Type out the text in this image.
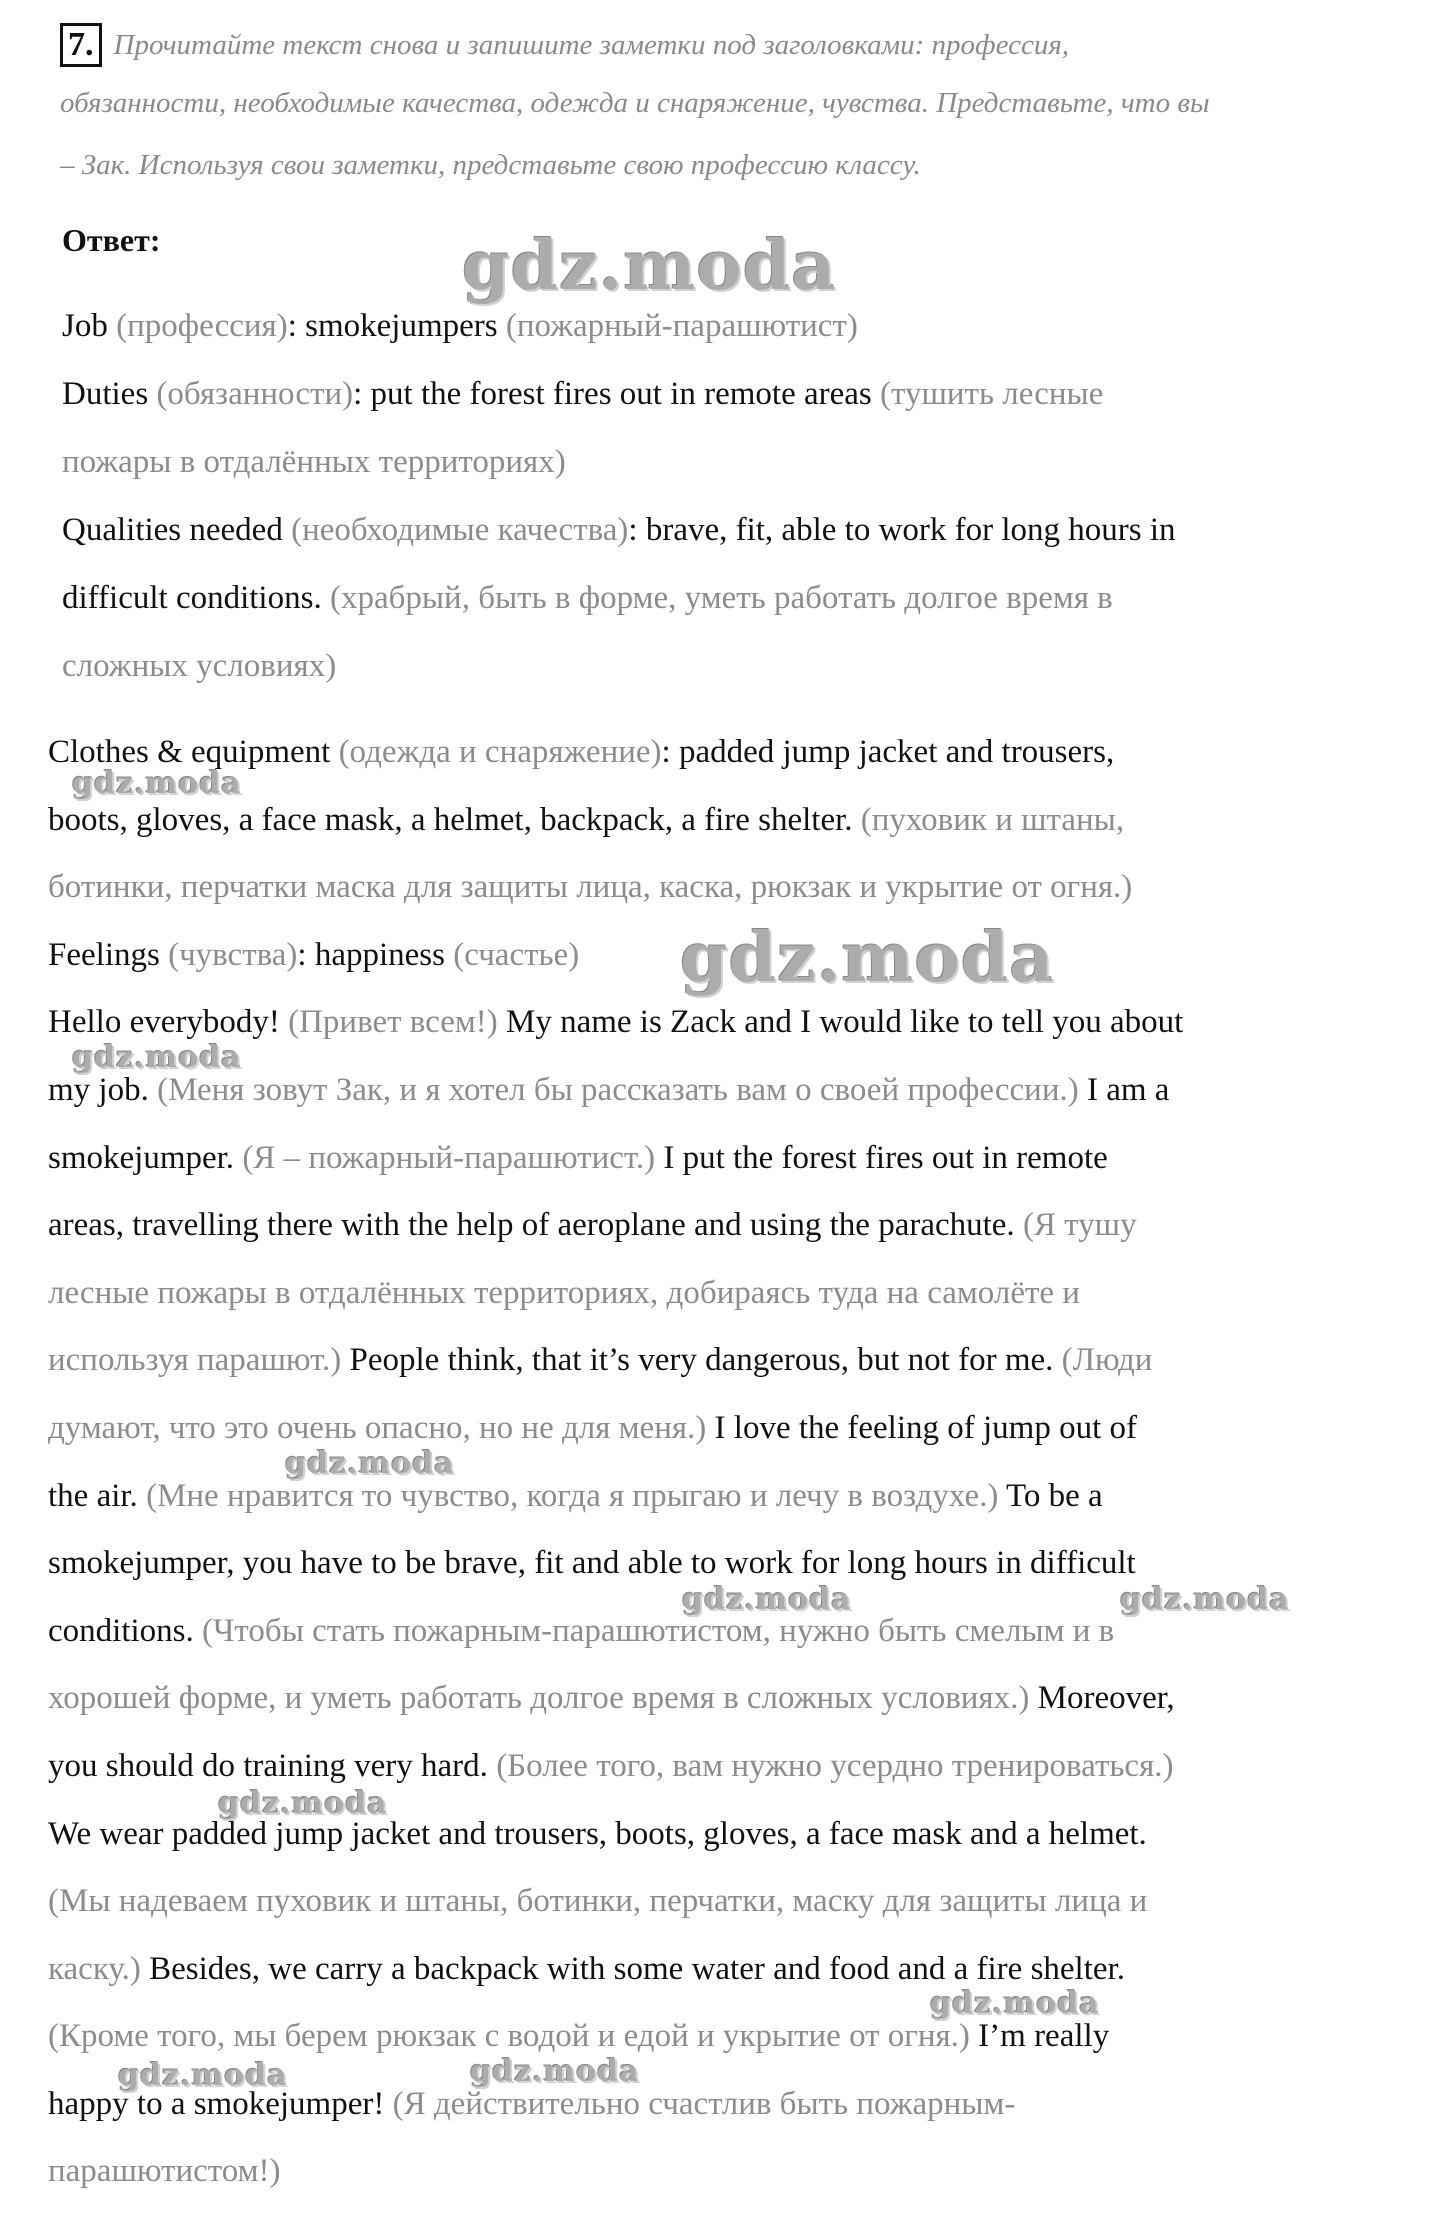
7. Прочитайте текст снова и запишите заметки под заголовками: профессия,
обязанности, необходимые качества, одежда и снаряжение, чувства. Представьте, что вы
– Зак. Используя свои заметки, представьте свою профессию классу.
Ответ:
Job (профессия): smokejumpers (пожарный-парашютист)
Duties (обязанности): put the forest fires out in remote areas (тушить лесные
пожары в отдалённых территориях)
Qualities needed (необходимые качества): brave, fit, able to work for long hours in
difficult conditions. (храбрый, быть в форме, уметь работать долгое время в
сложных условиях)
Clothes & equipment (одежда и снаряжение): padded jump jacket and trousers,
boots, gloves, a face mask, a helmet, backpack, a fire shelter. (пуховик и штаны,
ботинки, перчатки маска для защиты лица, каска, рюкзак и укрытие от огня.)
Feelings (чувства): happiness (счастье)
Hello everybody! (Привет всем!) My name is Zack and I would like to tell you about
my job. (Меня зовут Зак, и я хотел бы рассказать вам о своей профессии.) I am a
smokejumper. (Я – пожарный-парашютист.) I put the forest fires out in remote
areas, travelling there with the help of aeroplane and using the parachute. (Я тушу
лесные пожары в отдалённых территориях, добираясь туда на самолёте и
используя парашют.) People think, that it’s very dangerous, but not for me. (Люди
думают, что это очень опасно, но не для меня.) I love the feeling of jump out of
the air. (Мне нравится то чувство, когда я прыгаю и лечу в воздухе.) To be a
smokejumper, you have to be brave, fit and able to work for long hours in difficult
conditions. (Чтобы стать пожарным-парашютистом, нужно быть смелым и в
хорошей форме, и уметь работать долгое время в сложных условиях.) Moreover,
you should do training very hard. (Более того, вам нужно усердно тренироваться.)
We wear padded jump jacket and trousers, boots, gloves, a face mask and a helmet.
(Мы надеваем пуховик и штаны, ботинки, перчатки, маску для защиты лица и
каску.) Besides, we carry a backpack with some water and food and a fire shelter.
(Кроме того, мы берем рюкзак с водой и едой и укрытие от огня.) I’m really
happy to a smokejumper! (Я действительно счастлив быть пожарным-
парашютистом!)
gdz.moda
gdz.moda
gdz.moda
gdz.moda
gdz.moda
gdz.moda	gdz.moda
gdz.moda
gdz.moda
gdz.moda	gdz.moda
